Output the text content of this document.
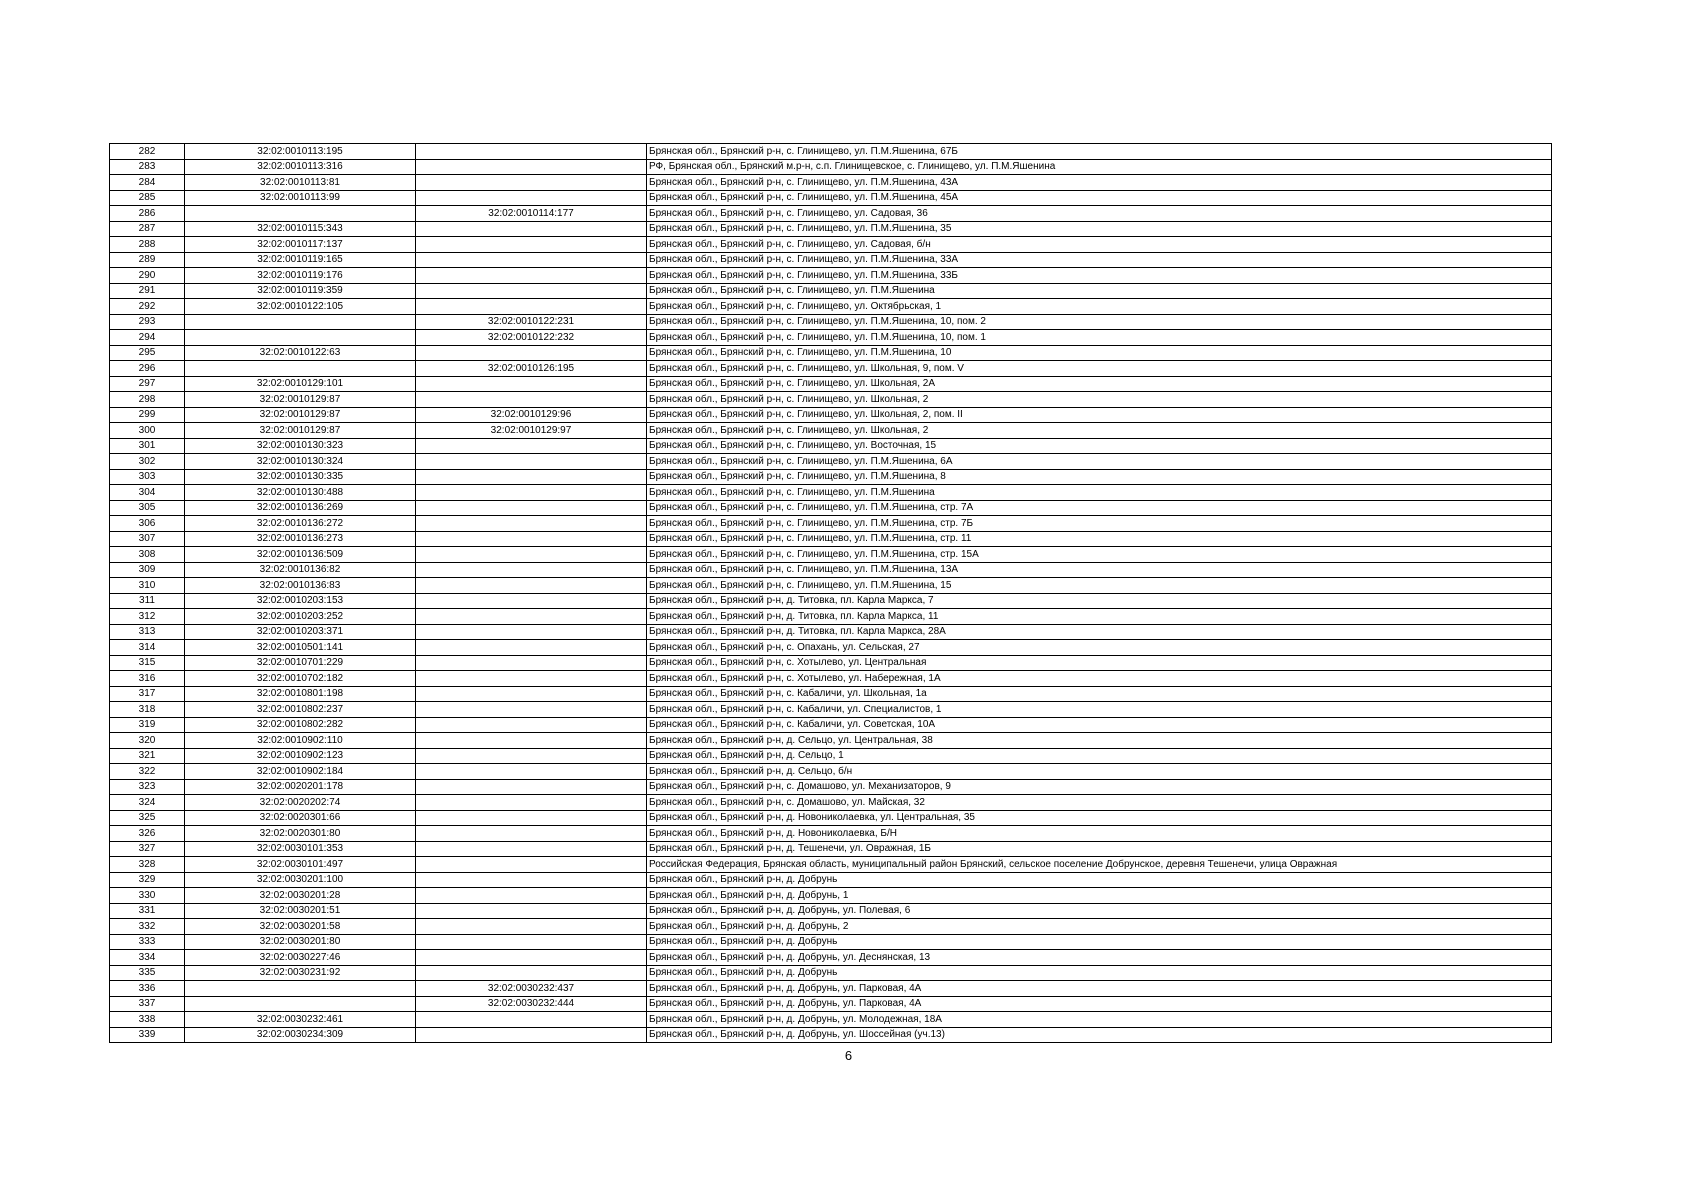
282	32:02:0010113:195		Брянская обл., Брянский р-н, с. Глинищево, ул. П.М.Яшенина, 67Б
283	32:02:0010113:316		РФ, Брянская обл., Брянский м.р-н, с.п. Глинищевское, с. Глинищево, ул. П.М.Яшенина
284	32:02:0010113:81		Брянская обл., Брянский р-н, с. Глинищево, ул. П.М.Яшенина, 43А
285	32:02:0010113:99		Брянская обл., Брянский р-н, с. Глинищево, ул. П.М.Яшенина, 45А
286		32:02:0010114:177	Брянская обл., Брянский р-н, с. Глинищево, ул. Садовая, 36
287	32:02:0010115:343		Брянская обл., Брянский р-н, с. Глинищево, ул. П.М.Яшенина, 35
288	32:02:0010117:137		Брянская обл., Брянский р-н, с. Глинищево, ул. Садовая, б/н
289	32:02:0010119:165		Брянская обл., Брянский р-н, с. Глинищево, ул. П.М.Яшенина, 33А
290	32:02:0010119:176		Брянская обл., Брянский р-н, с. Глинищево, ул. П.М.Яшенина, 33Б
291	32:02:0010119:359		Брянская обл., Брянский р-н, с. Глинищево, ул. П.М.Яшенина
292	32:02:0010122:105		Брянская обл., Брянский р-н, с. Глинищево, ул. Октябрьская, 1
293		32:02:0010122:231	Брянская обл., Брянский р-н, с. Глинищево, ул. П.М.Яшенина, 10, пом. 2
294		32:02:0010122:232	Брянская обл., Брянский р-н, с. Глинищево, ул. П.М.Яшенина, 10, пом. 1
295	32:02:0010122:63		Брянская обл., Брянский р-н, с. Глинищево, ул. П.М.Яшенина, 10
296		32:02:0010126:195	Брянская обл., Брянский р-н, с. Глинищево, ул. Школьная, 9, пом. V
297	32:02:0010129:101		Брянская обл., Брянский р-н, с. Глинищево, ул. Школьная, 2А
298	32:02:0010129:87		Брянская обл., Брянский р-н, с. Глинищево, ул. Школьная, 2
299	32:02:0010129:87	32:02:0010129:96	Брянская обл., Брянский р-н, с. Глинищево, ул. Школьная, 2, пом. II
300	32:02:0010129:87	32:02:0010129:97	Брянская обл., Брянский р-н, с. Глинищево, ул. Школьная, 2
301	32:02:0010130:323		Брянская обл., Брянский р-н, с. Глинищево, ул. Восточная, 15
302	32:02:0010130:324		Брянская обл., Брянский р-н, с. Глинищево, ул. П.М.Яшенина, 6А
303	32:02:0010130:335		Брянская обл., Брянский р-н, с. Глинищево, ул. П.М.Яшенина, 8
304	32:02:0010130:488		Брянская обл., Брянский р-н, с. Глинищево, ул. П.М.Яшенина
305	32:02:0010136:269		Брянская обл., Брянский р-н, с. Глинищево, ул. П.М.Яшенина, стр. 7А
306	32:02:0010136:272		Брянская обл., Брянский р-н, с. Глинищево, ул. П.М.Яшенина, стр. 7Б
307	32:02:0010136:273		Брянская обл., Брянский р-н, с. Глинищево, ул. П.М.Яшенина, стр. 11
308	32:02:0010136:509		Брянская обл., Брянский р-н, с. Глинищево, ул. П.М.Яшенина, стр. 15А
309	32:02:0010136:82		Брянская обл., Брянский р-н, с. Глинищево, ул. П.М.Яшенина, 13А
310	32:02:0010136:83		Брянская обл., Брянский р-н, с. Глинищево, ул. П.М.Яшенина, 15
311	32:02:0010203:153		Брянская обл., Брянский р-н, д. Титовка, пл. Карла Маркса, 7
312	32:02:0010203:252		Брянская обл., Брянский р-н, д. Титовка, пл. Карла Маркса, 11
313	32:02:0010203:371		Брянская обл., Брянский р-н, д. Титовка, пл. Карла Маркса, 28А
314	32:02:0010501:141		Брянская обл., Брянский р-н, с. Опахань, ул. Сельская, 27
315	32:02:0010701:229		Брянская обл., Брянский р-н, с. Хотылево, ул. Центральная
316	32:02:0010702:182		Брянская обл., Брянский р-н, с. Хотылево, ул. Набережная, 1А
317	32:02:0010801:198		Брянская обл., Брянский р-н, с. Кабаличи, ул. Школьная, 1а
318	32:02:0010802:237		Брянская обл., Брянский р-н, с. Кабаличи, ул. Специалистов, 1
319	32:02:0010802:282		Брянская обл., Брянский р-н, с. Кабаличи, ул. Советская, 10А
320	32:02:0010902:110		Брянская обл., Брянский р-н, д. Сельцо, ул. Центральная, 38
321	32:02:0010902:123		Брянская обл., Брянский р-н, д. Сельцо, 1
322	32:02:0010902:184		Брянская обл., Брянский р-н, д. Сельцо, б/н
323	32:02:0020201:178		Брянская обл., Брянский р-н, с. Домашово, ул. Механизаторов, 9
324	32:02:0020202:74		Брянская обл., Брянский р-н, с. Домашово, ул. Майская, 32
325	32:02:0020301:66		Брянская обл., Брянский р-н, д. Новониколаевка, ул. Центральная, 35
326	32:02:0020301:80		Брянская обл., Брянский р-н, д. Новониколаевка, Б/Н
327	32:02:0030101:353		Брянская обл., Брянский р-н, д. Тешенечи, ул. Овражная, 1Б
328	32:02:0030101:497		Российская Федерация, Брянская область, муниципальный район Брянский, сельское поселение Добрунское, деревня Тешенечи, улица Овражная
329	32:02:0030201:100		Брянская обл., Брянский р-н, д. Добрунь
330	32:02:0030201:28		Брянская обл., Брянский р-н, д. Добрунь, 1
331	32:02:0030201:51		Брянская обл., Брянский р-н, д. Добрунь, ул. Полевая, 6
332	32:02:0030201:58		Брянская обл., Брянский р-н, д. Добрунь, 2
333	32:02:0030201:80		Брянская обл., Брянский р-н, д. Добрунь
334	32:02:0030227:46		Брянская обл., Брянский р-н, д. Добрунь, ул. Деснянская, 13
335	32:02:0030231:92		Брянская обл., Брянский р-н, д. Добрунь
336		32:02:0030232:437	Брянская обл., Брянский р-н, д. Добрунь, ул. Парковая, 4А
337		32:02:0030232:444	Брянская обл., Брянский р-н, д. Добрунь, ул. Парковая, 4А
338	32:02:0030232:461		Брянская обл., Брянский р-н, д. Добрунь, ул. Молодежная, 18А
339	32:02:0030234:309		Брянская обл., Брянский р-н, д. Добрунь, ул. Шоссейная (уч.13)
6
